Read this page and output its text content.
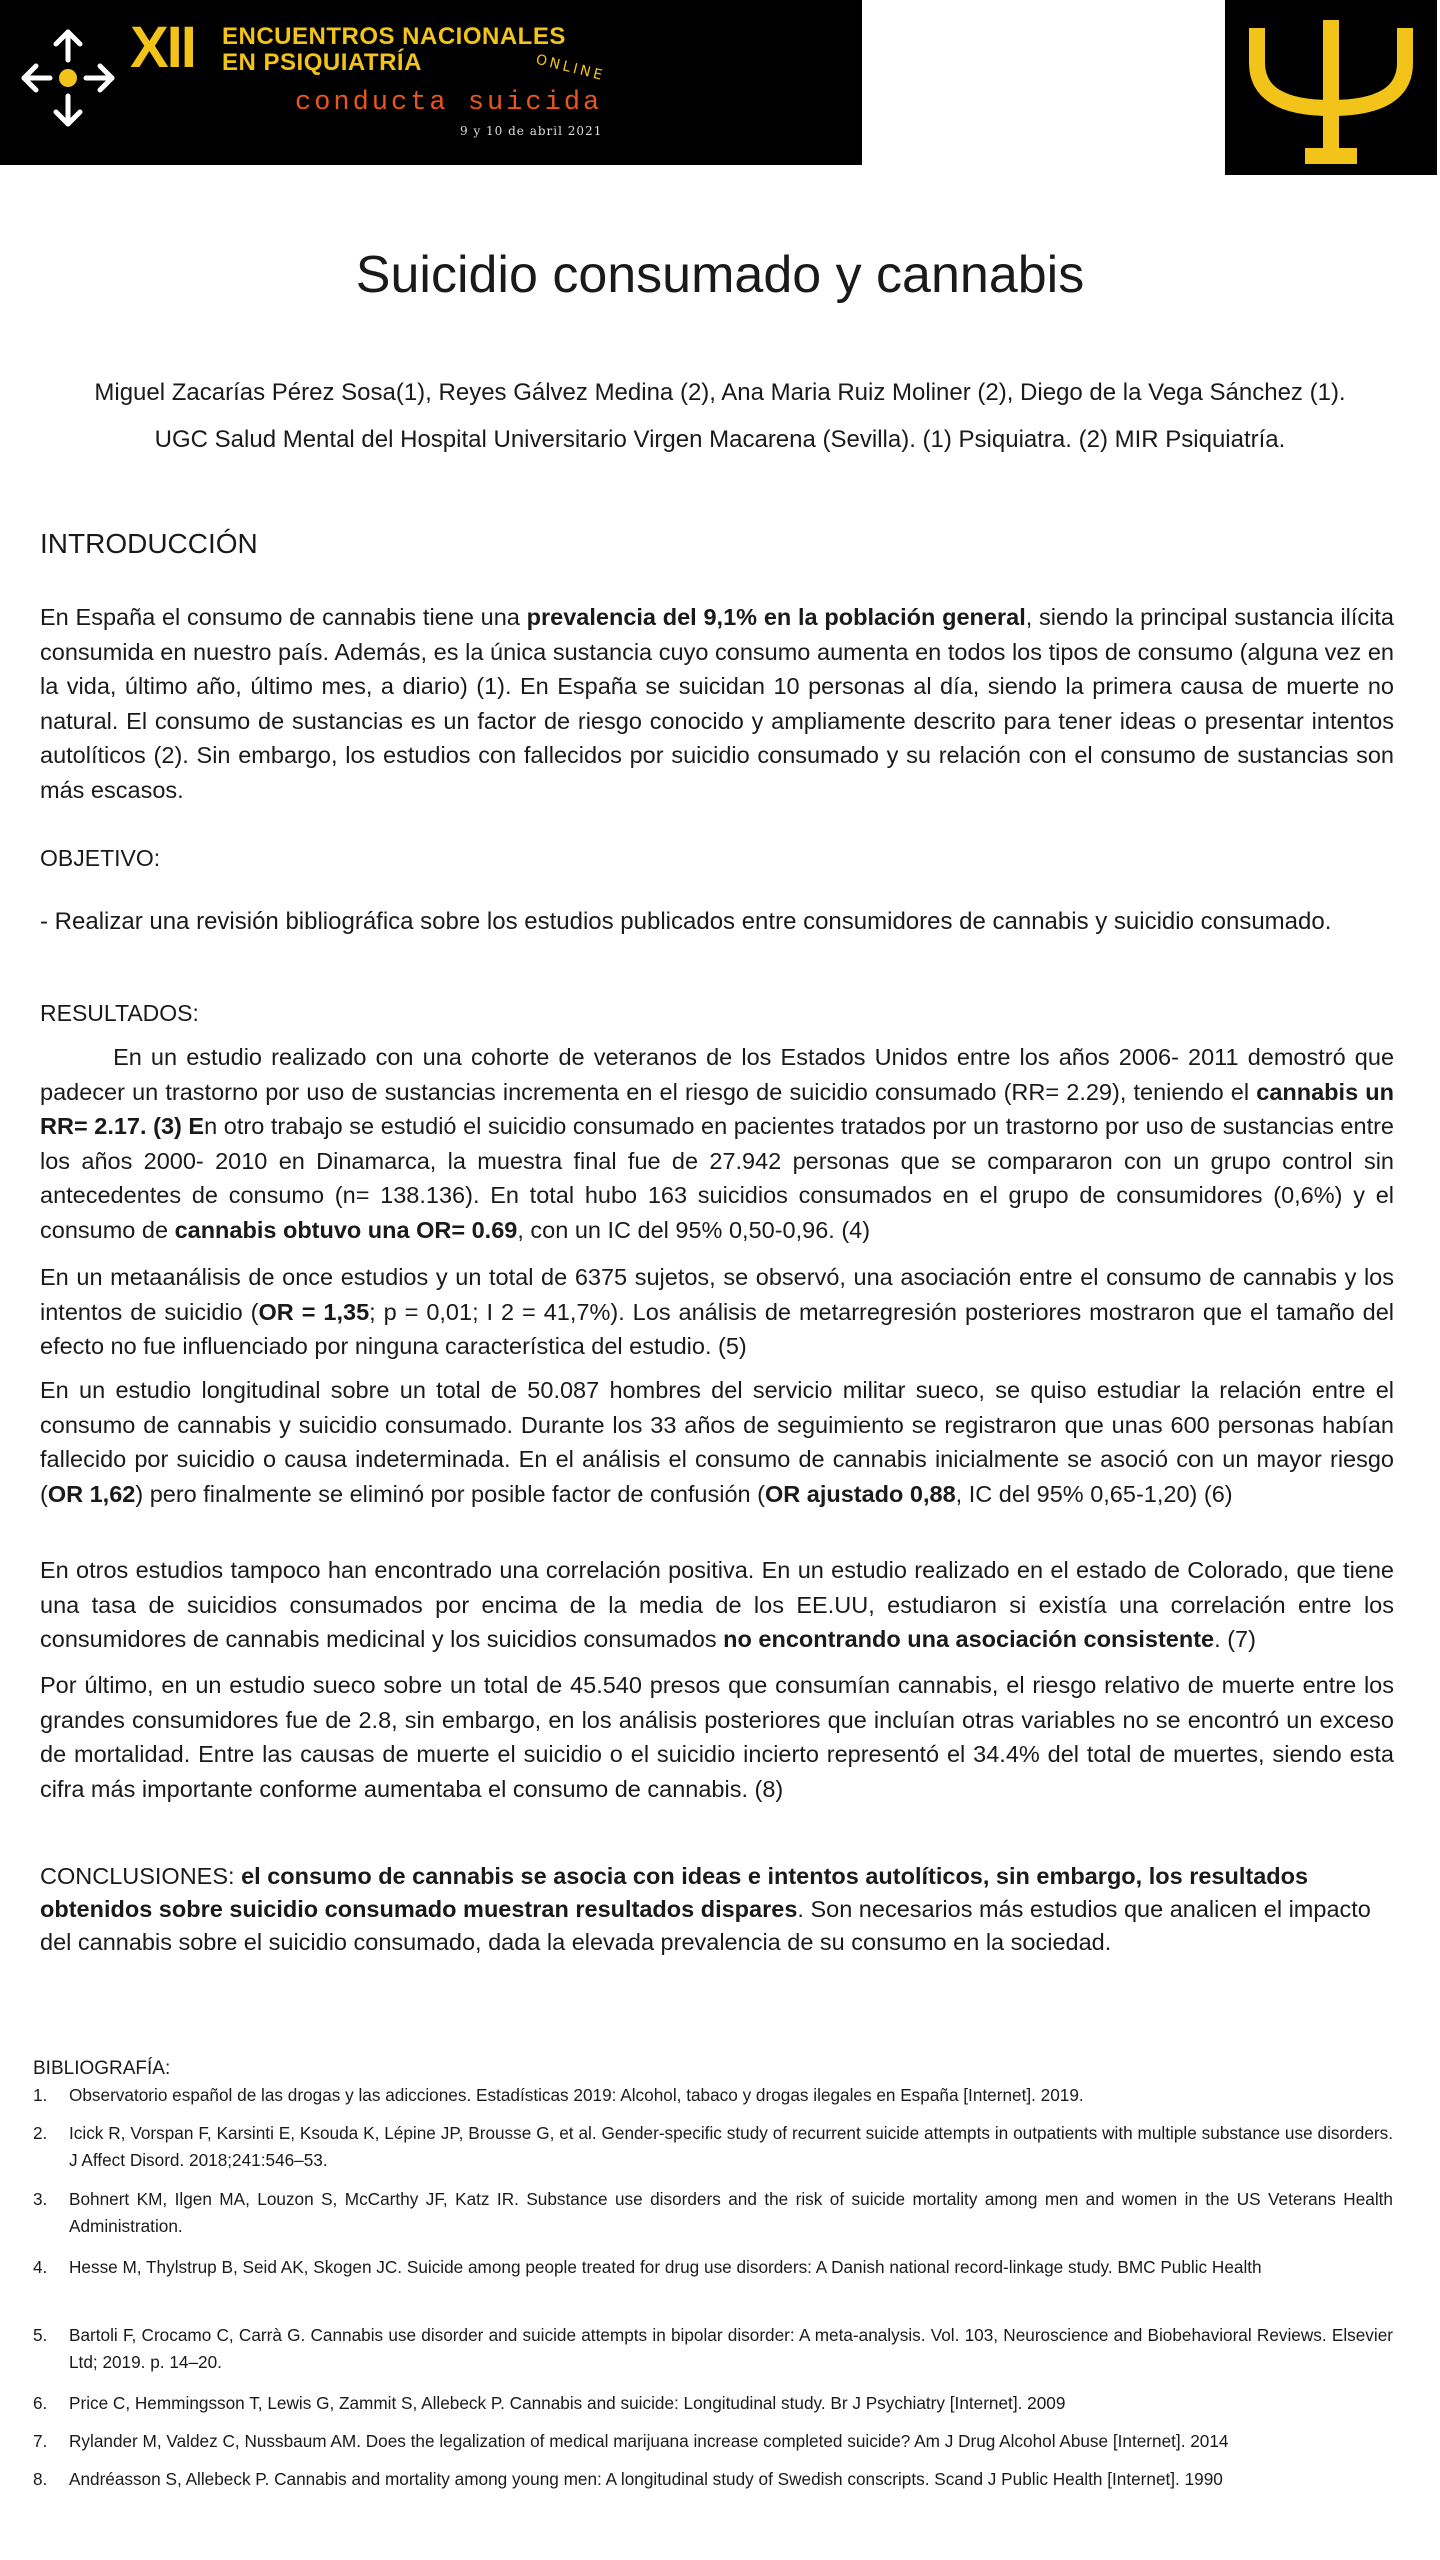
XII ENCUENTROS NACIONALES
EN PSIQUIATRÍA	ONLINE
conducta suicida
9 y 10 de abril 2021
Suicidio consumado y cannabis
Miguel Zacarías Pérez Sosa(1), Reyes Gálvez Medina (2), Ana Maria Ruiz Moliner (2), Diego de la Vega Sánchez (1).
UGC Salud Mental del Hospital Universitario Virgen Macarena (Sevilla). (1) Psiquiatra. (2) MIR Psiquiatría.
INTRODUCCIÓN
En España el consumo de cannabis tiene una prevalencia del 9,1% en la población general, siendo la principal sustancia ilícita consumida en nuestro país. Además, es la única sustancia cuyo consumo aumenta en todos los tipos de consumo (alguna vez en la vida, último año, último mes, a diario) (1). En España se suicidan 10 personas al día, siendo la primera causa de muerte no natural. El consumo de sustancias es un factor de riesgo conocido y ampliamente descrito para tener ideas o presentar intentos autolíticos (2). Sin embargo, los estudios con fallecidos por suicidio consumado y su relación con el consumo de sustancias son más escasos.
OBJETIVO:
- Realizar una revisión bibliográfica sobre los estudios publicados entre consumidores de cannabis y suicidio consumado.
RESULTADOS:
En un estudio realizado con una cohorte de veteranos de los Estados Unidos entre los años 2006- 2011 demostró que padecer un trastorno por uso de sustancias incrementa en el riesgo de suicidio consumado (RR= 2.29), teniendo el cannabis un RR= 2.17. (3) En otro trabajo se estudió el suicidio consumado en pacientes tratados por un trastorno por uso de sustancias entre los años 2000- 2010 en Dinamarca, la muestra final fue de 27.942 personas que se compararon con un grupo control sin antecedentes de consumo (n= 138.136). En total hubo 163 suicidios consumados en el grupo de consumidores (0,6%) y el consumo de cannabis obtuvo una OR= 0.69, con un IC del 95% 0,50-0,96. (4)
En un metaanálisis de once estudios y un total de 6375 sujetos, se observó, una asociación entre el consumo de cannabis y los intentos de suicidio (OR = 1,35; p = 0,01; I 2 = 41,7%). Los análisis de metarregresión posteriores mostraron que el tamaño del efecto no fue influenciado por ninguna característica del estudio. (5)
En un estudio longitudinal sobre un total de 50.087 hombres del servicio militar sueco, se quiso estudiar la relación entre el consumo de cannabis y suicidio consumado. Durante los 33 años de seguimiento se registraron que unas 600 personas habían fallecido por suicidio o causa indeterminada. En el análisis el consumo de cannabis inicialmente se asoció con un mayor riesgo (OR 1,62) pero finalmente se eliminó por posible factor de confusión (OR ajustado 0,88, IC del 95% 0,65-1,20) (6)
En otros estudios tampoco han encontrado una correlación positiva. En un estudio realizado en el estado de Colorado, que tiene una tasa de suicidios consumados por encima de la media de los EE.UU, estudiaron si existía una correlación entre los consumidores de cannabis medicinal y los suicidios consumados no encontrando una asociación consistente. (7)
Por último, en un estudio sueco sobre un total de 45.540 presos que consumían cannabis, el riesgo relativo de muerte entre los grandes consumidores fue de 2.8, sin embargo, en los análisis posteriores que incluían otras variables no se encontró un exceso de mortalidad. Entre las causas de muerte el suicidio o el suicidio incierto representó el 34.4% del total de muertes, siendo esta cifra más importante conforme aumentaba el consumo de cannabis. (8)
CONCLUSIONES: el consumo de cannabis se asocia con ideas e intentos autolíticos, sin embargo, los resultados obtenidos sobre suicidio consumado muestran resultados dispares. Son necesarios más estudios que analicen el impacto del cannabis sobre el suicidio consumado, dada la elevada prevalencia de su consumo en la sociedad.
BIBLIOGRAFÍA:
1. Observatorio español de las drogas y las adicciones. Estadísticas 2019: Alcohol, tabaco y drogas ilegales en España [Internet]. 2019.
2. Icick R, Vorspan F, Karsinti E, Ksouda K, Lépine JP, Brousse G, et al. Gender-specific study of recurrent suicide attempts in outpatients with multiple substance use disorders. J Affect Disord. 2018;241:546–53.
3. Bohnert KM, Ilgen MA, Louzon S, McCarthy JF, Katz IR. Substance use disorders and the risk of suicide mortality among men and women in the US Veterans Health Administration.
4. Hesse M, Thylstrup B, Seid AK, Skogen JC. Suicide among people treated for drug use disorders: A Danish national record-linkage study. BMC Public Health
5. Bartoli F, Crocamo C, Carrà G. Cannabis use disorder and suicide attempts in bipolar disorder: A meta-analysis. Vol. 103, Neuroscience and Biobehavioral Reviews. Elsevier Ltd; 2019. p. 14–20.
6. Price C, Hemmingsson T, Lewis G, Zammit S, Allebeck P. Cannabis and suicide: Longitudinal study. Br J Psychiatry [Internet]. 2009
7. Rylander M, Valdez C, Nussbaum AM. Does the legalization of medical marijuana increase completed suicide? Am J Drug Alcohol Abuse [Internet]. 2014
8. Andréasson S, Allebeck P. Cannabis and mortality among young men: A longitudinal study of Swedish conscripts. Scand J Public Health [Internet]. 1990
